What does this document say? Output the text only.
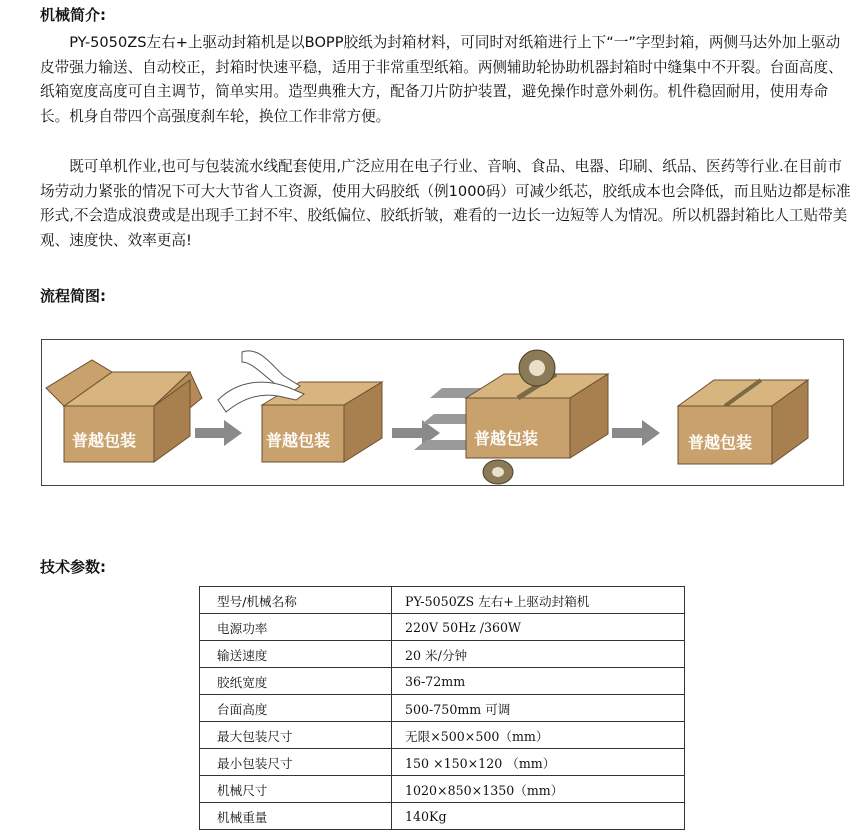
机械简介:

PY-5050ZS左右+上驱动封箱机是以BOPP胶纸为封箱材料，可同时对纸箱进行上下“一”字型封箱，两侧马达外加上驱动皮带强力输送、自动校正，封箱时快速平稳，适用于非常重型纸箱。两侧辅助轮协助机器封箱时中缝集中不开裂。台面高度、纸箱宽度高度可自主调节，简单实用。造型典雅大方，配备刀片防护装置，避免操作时意外刺伤。机件稳固耐用，使用寿命长。机身自带四个高强度刹车轮，换位工作非常方便。

既可单机作业,也可与包装流水线配套使用,广泛应用在电子行业、音响、食品、电器、印刷、纸品、医药等行业.在目前市场劳动力紧张的情况下可大大节省人工资源，使用大码胶纸（例1000码）可减少纸芯，胶纸成本也会降低，而且贴边都是标准形式,不会造成浪费或是出现手工封不牢、胶纸偏位、胶纸折皱，难看的一边长一边短等人为情况。所以机器封箱比人工贴带美观、速度快、效率更高!

流程简图:
普越包装	普越包装	普越包装	普越包装
技术参数:
型号/机械名称	PY-5050ZS 左右+上驱动封箱机
电源功率	220V 50Hz /360W
输送速度	20 米/分钟
胶纸宽度	36-72mm
台面高度	500-750mm 可调
最大包装尺寸	无限×500×500（mm）
最小包装尺寸	150 ×150×120 （mm）
机械尺寸	1020×850×1350（mm）
机械重量	140Kg
